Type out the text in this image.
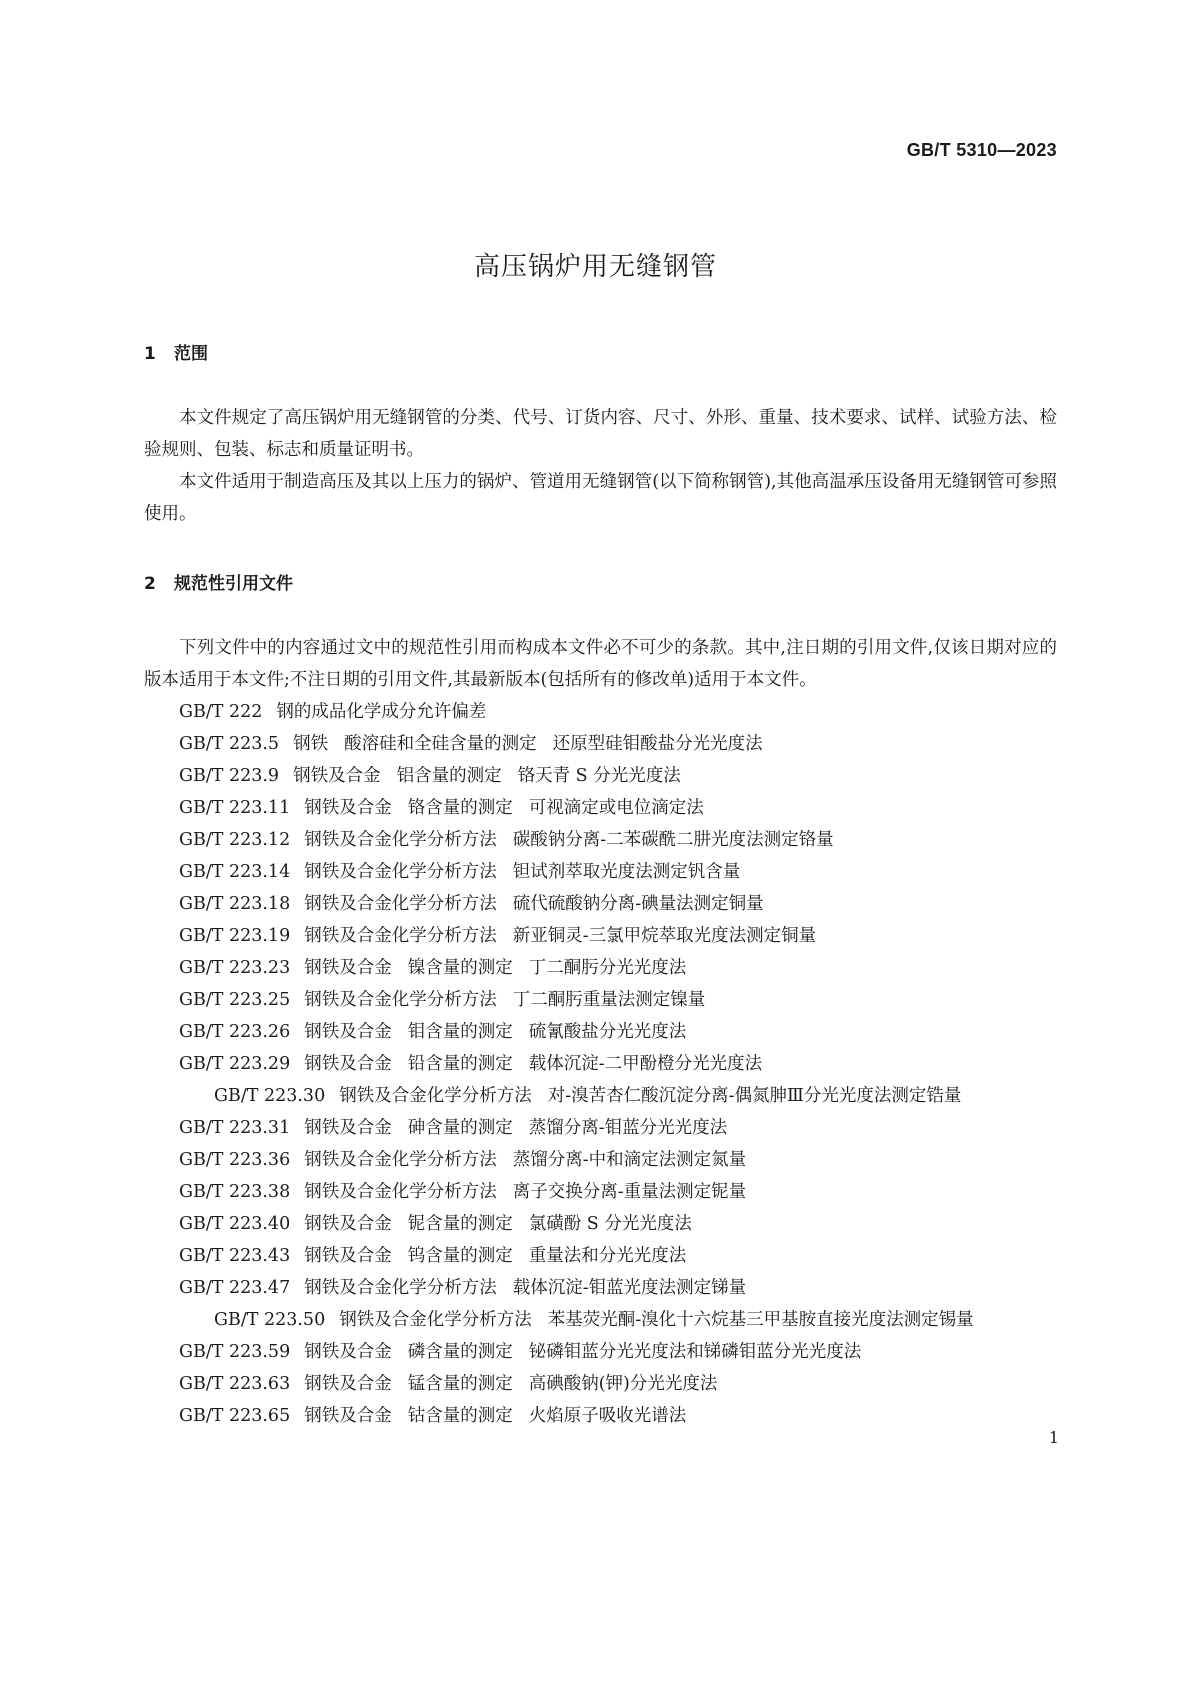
GB/T 5310—2023
高压锅炉用无缝钢管
1 范围

本文件规定了高压锅炉用无缝钢管的分类、代号、订货内容、尺寸、外形、重量、技术要求、试样、试验方法、检验规则、包装、标志和质量证明书。

本文件适用于制造高压及其以上压力的锅炉、管道用无缝钢管(以下简称钢管),其他高温承压设备用无缝钢管可参照使用。

2 规范性引用文件

下列文件中的内容通过文中的规范性引用而构成本文件必不可少的条款。其中,注日期的引用文件,仅该日期对应的版本适用于本文件;不注日期的引用文件,其最新版本(包括所有的修改单)适用于本文件。

GB/T 222 钢的成品化学成分允许偏差
GB/T 223.5 钢铁 酸溶硅和全硅含量的测定 还原型硅钼酸盐分光光度法
GB/T 223.9 钢铁及合金 铝含量的测定 铬天青 S 分光光度法
GB/T 223.11 钢铁及合金 铬含量的测定 可视滴定或电位滴定法
GB/T 223.12 钢铁及合金化学分析方法 碳酸钠分离-二苯碳酰二肼光度法测定铬量
GB/T 223.14 钢铁及合金化学分析方法 钽试剂萃取光度法测定钒含量
GB/T 223.18 钢铁及合金化学分析方法 硫代硫酸钠分离-碘量法测定铜量
GB/T 223.19 钢铁及合金化学分析方法 新亚铜灵-三氯甲烷萃取光度法测定铜量
GB/T 223.23 钢铁及合金 镍含量的测定 丁二酮肟分光光度法
GB/T 223.25 钢铁及合金化学分析方法 丁二酮肟重量法测定镍量
GB/T 223.26 钢铁及合金 钼含量的测定 硫氰酸盐分光光度法
GB/T 223.29 钢铁及合金 铅含量的测定 载体沉淀-二甲酚橙分光光度法
GB/T 223.30 钢铁及合金化学分析方法 对-溴苦杏仁酸沉淀分离-偶氮胂Ⅲ分光光度法测定锆量
GB/T 223.31 钢铁及合金 砷含量的测定 蒸馏分离-钼蓝分光光度法
GB/T 223.36 钢铁及合金化学分析方法 蒸馏分离-中和滴定法测定氮量
GB/T 223.38 钢铁及合金化学分析方法 离子交换分离-重量法测定铌量
GB/T 223.40 钢铁及合金 铌含量的测定 氯磺酚 S 分光光度法
GB/T 223.43 钢铁及合金 钨含量的测定 重量法和分光光度法
GB/T 223.47 钢铁及合金化学分析方法 载体沉淀-钼蓝光度法测定锑量
GB/T 223.50 钢铁及合金化学分析方法 苯基荧光酮-溴化十六烷基三甲基胺直接光度法测定锡量
GB/T 223.59 钢铁及合金 磷含量的测定 铋磷钼蓝分光光度法和锑磷钼蓝分光光度法
GB/T 223.63 钢铁及合金 锰含量的测定 高碘酸钠(钾)分光光度法
GB/T 223.65 钢铁及合金 钴含量的测定 火焰原子吸收光谱法
1
